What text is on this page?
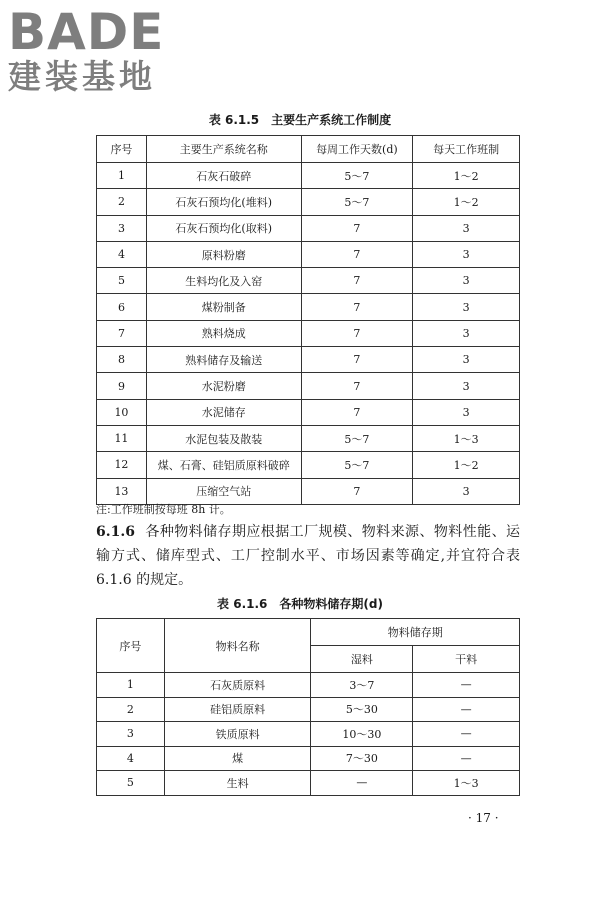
BADE
建装基地
表 6.1.5　主要生产系统工作制度
序号	主要生产系统名称	每周工作天数(d)	每天工作班制
1	石灰石破碎	5～7	1～2
2	石灰石预均化(堆料)	5～7	1～2
3	石灰石预均化(取料)	7	3
4	原料粉磨	7	3
5	生料均化及入窑	7	3
6	煤粉制备	7	3
7	熟料烧成	7	3
8	熟料储存及输送	7	3
9	水泥粉磨	7	3
10	水泥储存	7	3
11	水泥包装及散装	5～7	1～3
12	煤、石膏、硅铝质原料破碎	5～7	1～2
13	压缩空气站	7	3
注:工作班制按每班 8h 计。
6.1.6 各种物料储存期应根据工厂规模、物料来源、物料性能、运输方式、储库型式、工厂控制水平、市场因素等确定,并宜符合表 6.1.6 的规定。
表 6.1.6　各种物料储存期(d)
序号	物料名称	物料储存期	
		湿料	干料
1	石灰质原料	3～7	—
2	硅铝质原料	5～30	—
3	铁质原料	10～30	—
4	煤	7～30	—
5	生料	—	1～3
· 17 ·
